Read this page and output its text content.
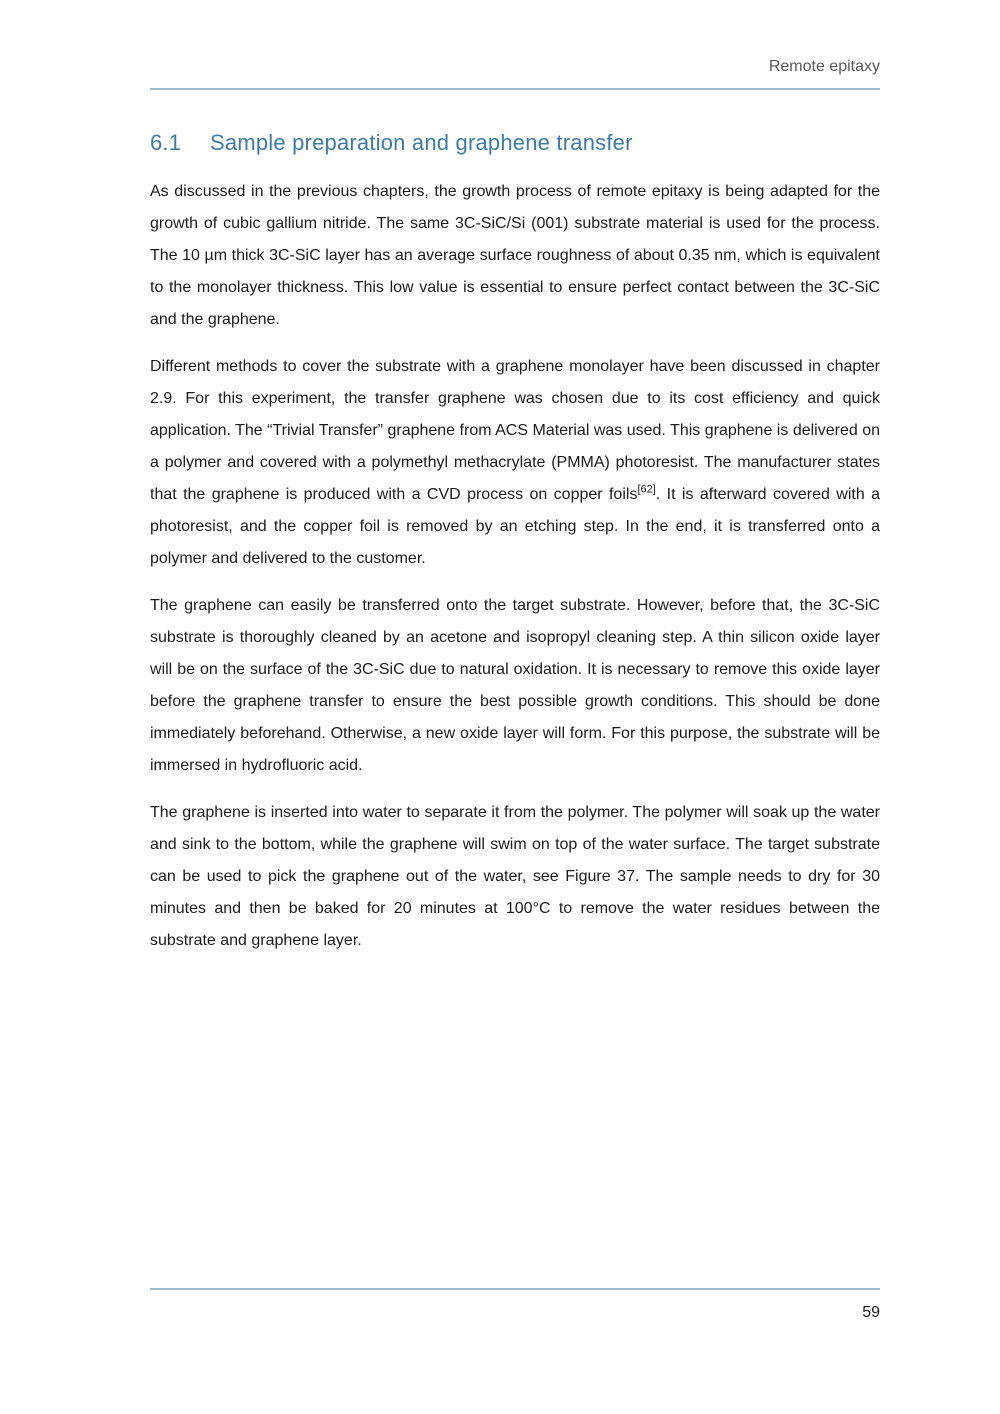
Remote epitaxy
6.1 Sample preparation and graphene transfer

As discussed in the previous chapters, the growth process of remote epitaxy is being adapted for the growth of cubic gallium nitride. The same 3C-SiC/Si (001) substrate material is used for the process. The 10 µm thick 3C-SiC layer has an average surface roughness of about 0.35 nm, which is equivalent to the monolayer thickness. This low value is essential to ensure perfect contact between the 3C-SiC and the graphene.

Different methods to cover the substrate with a graphene monolayer have been discussed in chapter 2.9. For this experiment, the transfer graphene was chosen due to its cost efficiency and quick application. The “Trivial Transfer” graphene from ACS Material was used. This graphene is delivered on a polymer and covered with a polymethyl methacrylate (PMMA) photoresist. The manufacturer states that the graphene is produced with a CVD process on copper foils[62]. It is afterward covered with a photoresist, and the copper foil is removed by an etching step. In the end, it is transferred onto a polymer and delivered to the customer.

The graphene can easily be transferred onto the target substrate. However, before that, the 3C-SiC substrate is thoroughly cleaned by an acetone and isopropyl cleaning step. A thin silicon oxide layer will be on the surface of the 3C-SiC due to natural oxidation. It is necessary to remove this oxide layer before the graphene transfer to ensure the best possible growth conditions. This should be done immediately beforehand. Otherwise, a new oxide layer will form. For this purpose, the substrate will be immersed in hydrofluoric acid.

The graphene is inserted into water to separate it from the polymer. The polymer will soak up the water and sink to the bottom, while the graphene will swim on top of the water surface. The target substrate can be used to pick the graphene out of the water, see Figure 37. The sample needs to dry for 30 minutes and then be baked for 20 minutes at 100°C to remove the water residues between the substrate and graphene layer.

59
